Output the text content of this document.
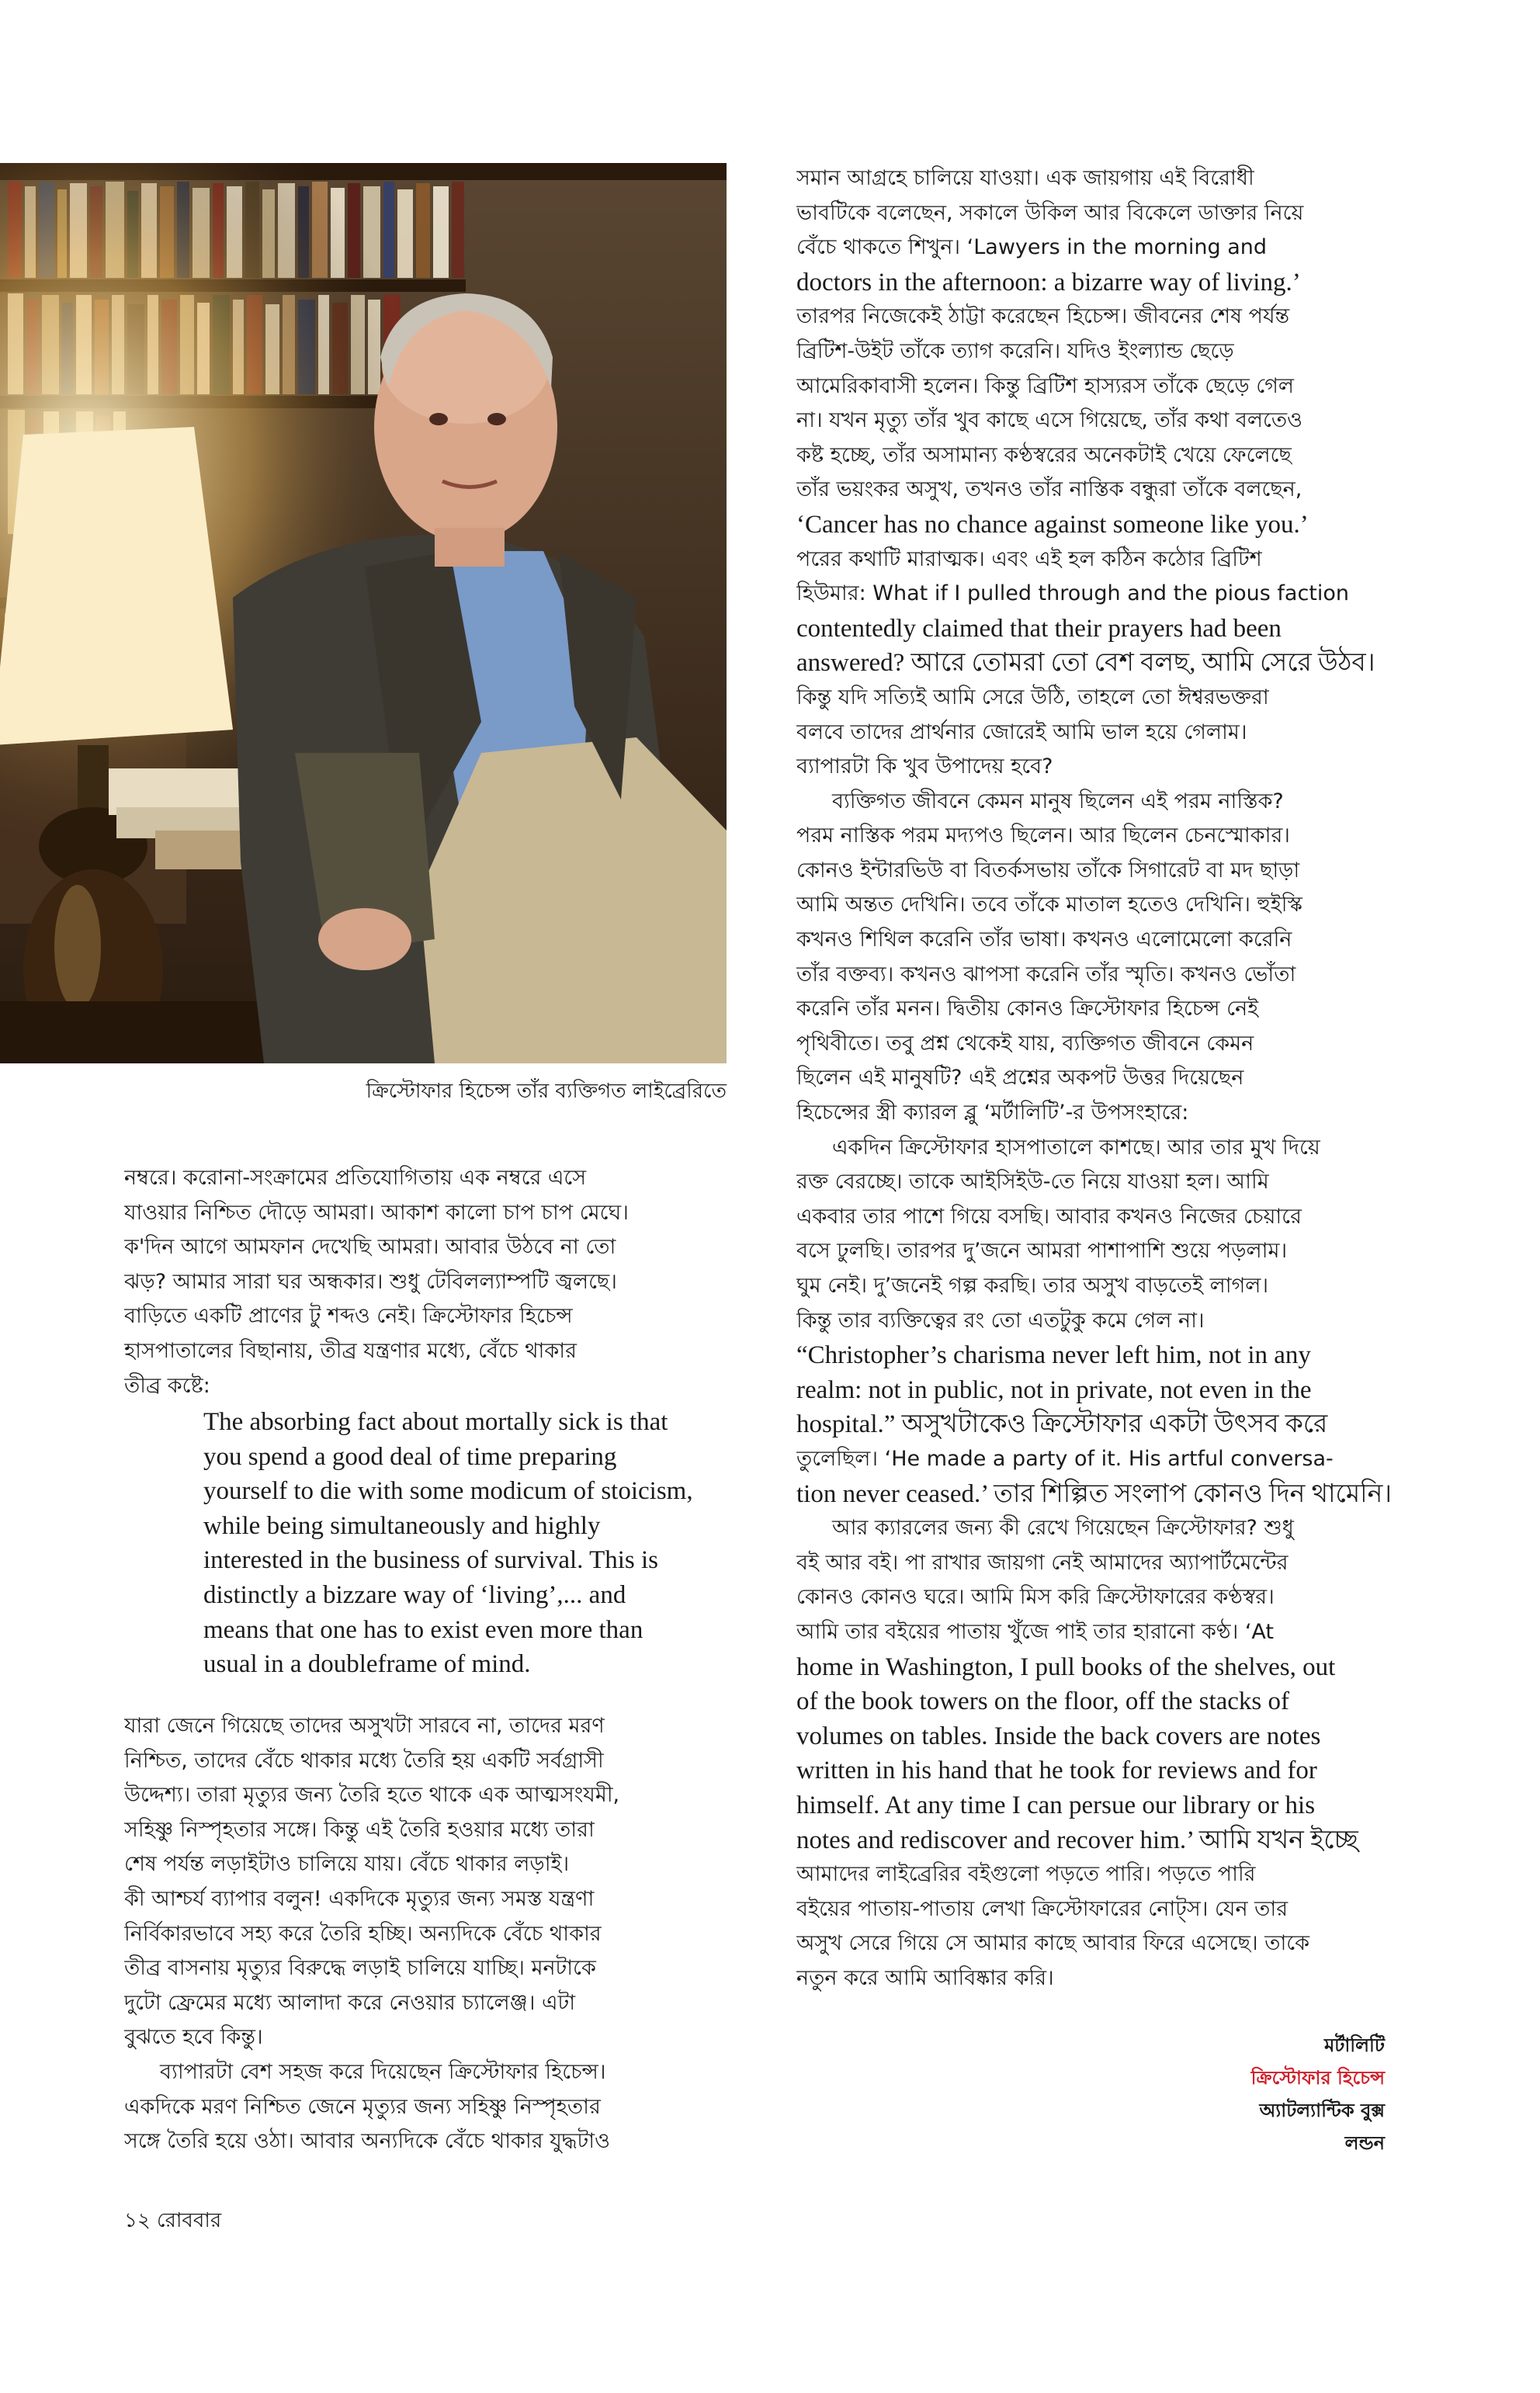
ক্রিস্টোফার হিচেন্স তাঁর ব্যক্তিগত লাইব্রেরিতে
নম্বরে। করোনা-সংক্রামের প্রতিযোগিতায় এক নম্বরে এসে
যাওয়ার নিশ্চিত দৌড়ে আমরা। আকাশ কালো চাপ চাপ মেঘে।
ক'দিন আগে আমফান দেখেছি আমরা। আবার উঠবে না তো
ঝড়? আমার সারা ঘর অন্ধকার। শুধু টেবিলল্যাম্পটি জ্বলছে।
বাড়িতে একটি প্রাণের টু শব্দও নেই। ক্রিস্টোফার হিচেন্স
হাসপাতালের বিছানায়, তীব্র যন্ত্রণার মধ্যে, বেঁচে থাকার
তীব্র কষ্টে:
The absorbing fact about mortally sick is that
you spend a good deal of time preparing
yourself to die with some modicum of stoicism,
while being simultaneously and highly
interested in the business of survival. This is
distinctly a bizzare way of ‘living’,... and
means that one has to exist even more than
usual in a doubleframe of mind.
যারা জেনে গিয়েছে তাদের অসুখটা সারবে না, তাদের মরণ
নিশ্চিত, তাদের বেঁচে থাকার মধ্যে তৈরি হয় একটি সর্বগ্রাসী
উদ্দেশ্য। তারা মৃত্যুর জন্য তৈরি হতে থাকে এক আত্মসংযমী,
সহিষ্ণু নিস্পৃহতার সঙ্গে। কিন্তু এই তৈরি হওয়ার মধ্যে তারা
শেষ পর্যন্ত লড়াইটাও চালিয়ে যায়। বেঁচে থাকার লড়াই।
কী আশ্চর্য ব্যাপার বলুন! একদিকে মৃত্যুর জন্য সমস্ত যন্ত্রণা
নির্বিকারভাবে সহ্য করে তৈরি হচ্ছি। অন্যদিকে বেঁচে থাকার
তীব্র বাসনায় মৃত্যুর বিরুদ্ধে লড়াই চালিয়ে যাচ্ছি। মনটাকে
দুটো ফ্রেমের মধ্যে আলাদা করে নেওয়ার চ্যালেঞ্জ। এটা
বুঝতে হবে কিন্তু।
ব্যাপারটা বেশ সহজ করে দিয়েছেন ক্রিস্টোফার হিচেন্স।
একদিকে মরণ নিশ্চিত জেনে মৃত্যুর জন্য সহিষ্ণু নিস্পৃহতার
সঙ্গে তৈরি হয়ে ওঠা। আবার অন্যদিকে বেঁচে থাকার যুদ্ধটাও
সমান আগ্রহে চালিয়ে যাওয়া। এক জায়গায় এই বিরোধী
ভাবটিকে বলেছেন, সকালে উকিল আর বিকেলে ডাক্তার নিয়ে
বেঁচে থাকতে শিখুন। ‘Lawyers in the morning and
doctors in the afternoon: a bizarre way of living.’
তারপর নিজেকেই ঠাট্টা করেছেন হিচেন্স। জীবনের শেষ পর্যন্ত
ব্রিটিশ-উইট তাঁকে ত্যাগ করেনি। যদিও ইংল্যান্ড ছেড়ে
আমেরিকাবাসী হলেন। কিন্তু ব্রিটিশ হাস্যরস তাঁকে ছেড়ে গেল
না। যখন মৃত্যু তাঁর খুব কাছে এসে গিয়েছে, তাঁর কথা বলতেও
কষ্ট হচ্ছে, তাঁর অসামান্য কণ্ঠস্বরের অনেকটাই খেয়ে ফেলেছে
তাঁর ভয়ংকর অসুখ, তখনও তাঁর নাস্তিক বন্ধুরা তাঁকে বলছেন,
‘Cancer has no chance against someone like you.’
পরের কথাটি মারাত্মক। এবং এই হল কঠিন কঠোর ব্রিটিশ
হিউমার: What if I pulled through and the pious faction
contentedly claimed that their prayers had been
answered? আরে তোমরা তো বেশ বলছ, আমি সেরে উঠব।
কিন্তু যদি সত্যিই আমি সেরে উঠি, তাহলে তো ঈশ্বরভক্তরা
বলবে তাদের প্রার্থনার জোরেই আমি ভাল হয়ে গেলাম।
ব্যাপারটা কি খুব উপাদেয় হবে?
ব্যক্তিগত জীবনে কেমন মানুষ ছিলেন এই পরম নাস্তিক?
পরম নাস্তিক পরম মদ্যপও ছিলেন। আর ছিলেন চেনস্মোকার।
কোনও ইন্টারভিউ বা বিতর্কসভায় তাঁকে সিগারেট বা মদ ছাড়া
আমি অন্তত দেখিনি। তবে তাঁকে মাতাল হতেও দেখিনি। হুইস্কি
কখনও শিথিল করেনি তাঁর ভাষা। কখনও এলোমেলো করেনি
তাঁর বক্তব্য। কখনও ঝাপসা করেনি তাঁর স্মৃতি। কখনও ভোঁতা
করেনি তাঁর মনন। দ্বিতীয় কোনও ক্রিস্টোফার হিচেন্স নেই
পৃথিবীতে। তবু প্রশ্ন থেকেই যায়, ব্যক্তিগত জীবনে কেমন
ছিলেন এই মানুষটি? এই প্রশ্নের অকপট উত্তর দিয়েছেন
হিচেন্সের স্ত্রী ক্যারল ব্লু ‘মর্টালিটি’-র উপসংহারে:
একদিন ক্রিস্টোফার হাসপাতালে কাশছে। আর তার মুখ দিয়ে
রক্ত বেরচ্ছে। তাকে আইসিইউ-তে নিয়ে যাওয়া হল। আমি
একবার তার পাশে গিয়ে বসছি। আবার কখনও নিজের চেয়ারে
বসে ঢুলছি। তারপর দু’জনে আমরা পাশাপাশি শুয়ে পড়লাম।
ঘুম নেই। দু’জনেই গল্প করছি। তার অসুখ বাড়তেই লাগল।
কিন্তু তার ব্যক্তিত্বের রং তো এতটুকু কমে গেল না।
“Christopher’s charisma never left him, not in any
realm: not in public, not in private, not even in the
hospital.” অসুখটাকেও ক্রিস্টোফার একটা উৎসব করে
তুলেছিল। ‘He made a party of it. His artful conversa-
tion never ceased.’ তার শিল্পিত সংলাপ কোনও দিন থামেনি।
আর ক্যারলের জন্য কী রেখে গিয়েছেন ক্রিস্টোফার? শুধু
বই আর বই। পা রাখার জায়গা নেই আমাদের অ্যাপার্টমেন্টের
কোনও কোনও ঘরে। আমি মিস করি ক্রিস্টোফারের কণ্ঠস্বর।
আমি তার বইয়ের পাতায় খুঁজে পাই তার হারানো কণ্ঠ। ‘At
home in Washington, I pull books of the shelves, out
of the book towers on the floor, off the stacks of
volumes on tables. Inside the back covers are notes
written in his hand that he took for reviews and for
himself. At any time I can persue our library or his
notes and rediscover and recover him.’ আমি যখন ইচ্ছে
আমাদের লাইব্রেরির বইগুলো পড়তে পারি। পড়তে পারি
বইয়ের পাতায়-পাতায় লেখা ক্রিস্টোফারের নোট্স। যেন তার
অসুখ সেরে গিয়ে সে আমার কাছে আবার ফিরে এসেছে। তাকে
নতুন করে আমি আবিষ্কার করি।
মর্টালিটি
ক্রিস্টোফার হিচেন্স
অ্যাটল্যান্টিক বুক্স
লন্ডন
১২ রোববার
